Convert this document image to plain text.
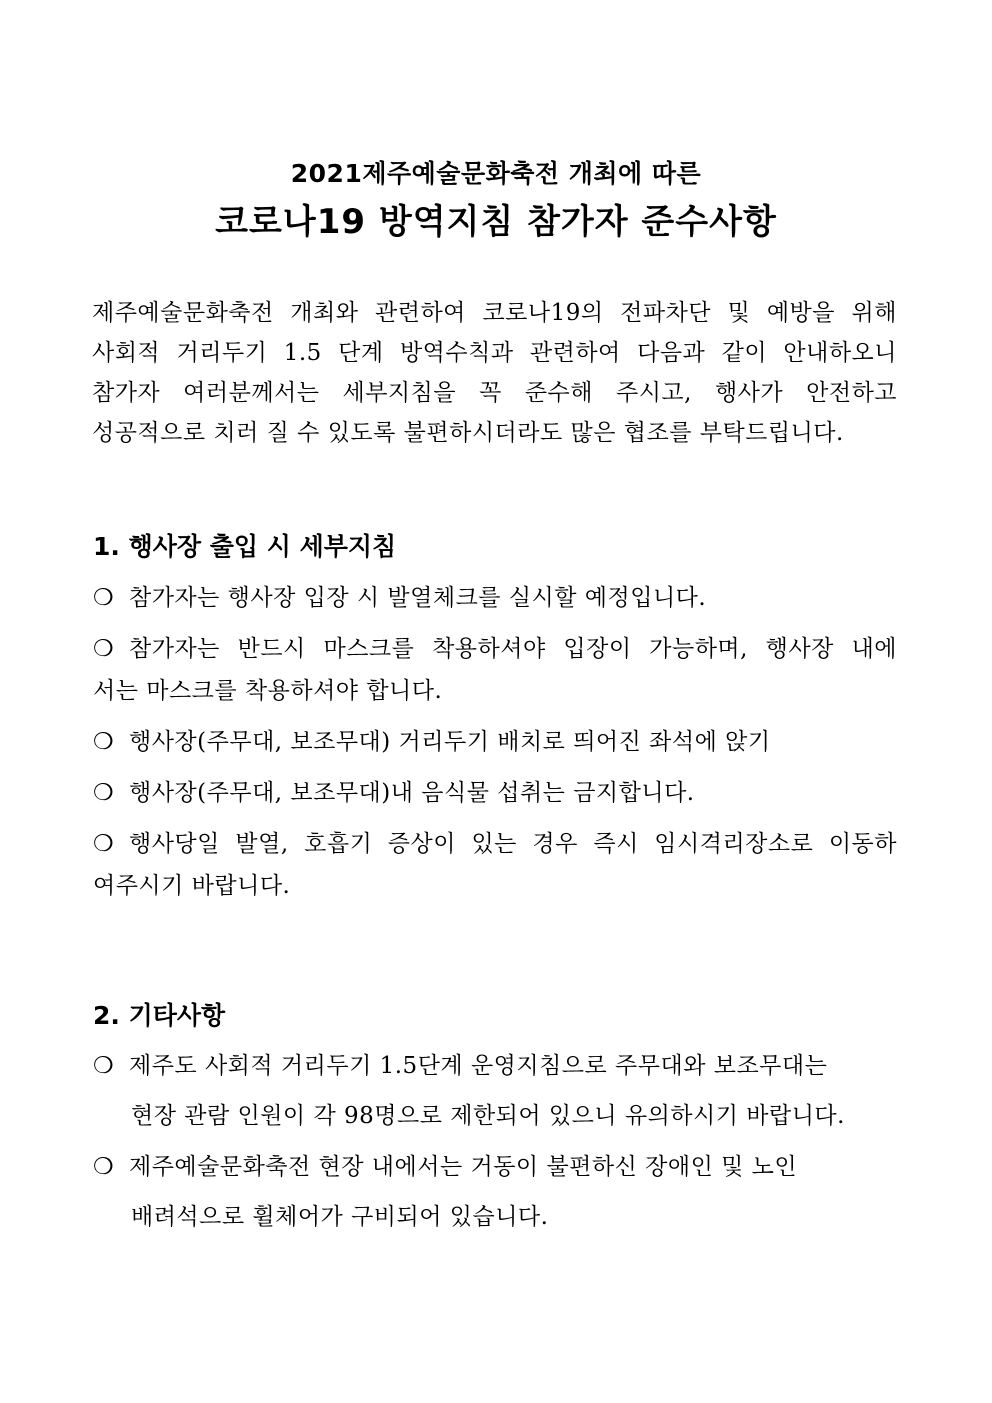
2021제주예술문화축전 개최에 따른
코로나19 방역지침 참가자 준수사항
제주예술문화축전 개최와 관련하여 코로나19의 전파차단 및 예방을 위해
사회적 거리두기 1.5 단계 방역수칙과 관련하여 다음과 같이 안내하오니
참가자 여러분께서는 세부지침을 꼭 준수해 주시고, 행사가 안전하고
성공적으로 치러 질 수 있도록 불편하시더라도 많은 협조를 부탁드립니다.
1. 행사장 출입 시 세부지침
❍ 참가자는 행사장 입장 시 발열체크를 실시할 예정입니다.
❍ 참가자는 반드시 마스크를 착용하셔야 입장이 가능하며, 행사장 내에
서는 마스크를 착용하셔야 합니다.
❍ 행사장(주무대, 보조무대) 거리두기 배치로 띄어진 좌석에 앉기
❍ 행사장(주무대, 보조무대)내 음식물 섭취는 금지합니다.
❍ 행사당일 발열, 호흡기 증상이 있는 경우 즉시 임시격리장소로 이동하
여주시기 바랍니다.
2. 기타사항
❍ 제주도 사회적 거리두기 1.5단계 운영지침으로 주무대와 보조무대는
현장 관람 인원이 각 98명으로 제한되어 있으니 유의하시기 바랍니다.
❍ 제주예술문화축전 현장 내에서는 거동이 불편하신 장애인 및 노인
배려석으로 휠체어가 구비되어 있습니다.
